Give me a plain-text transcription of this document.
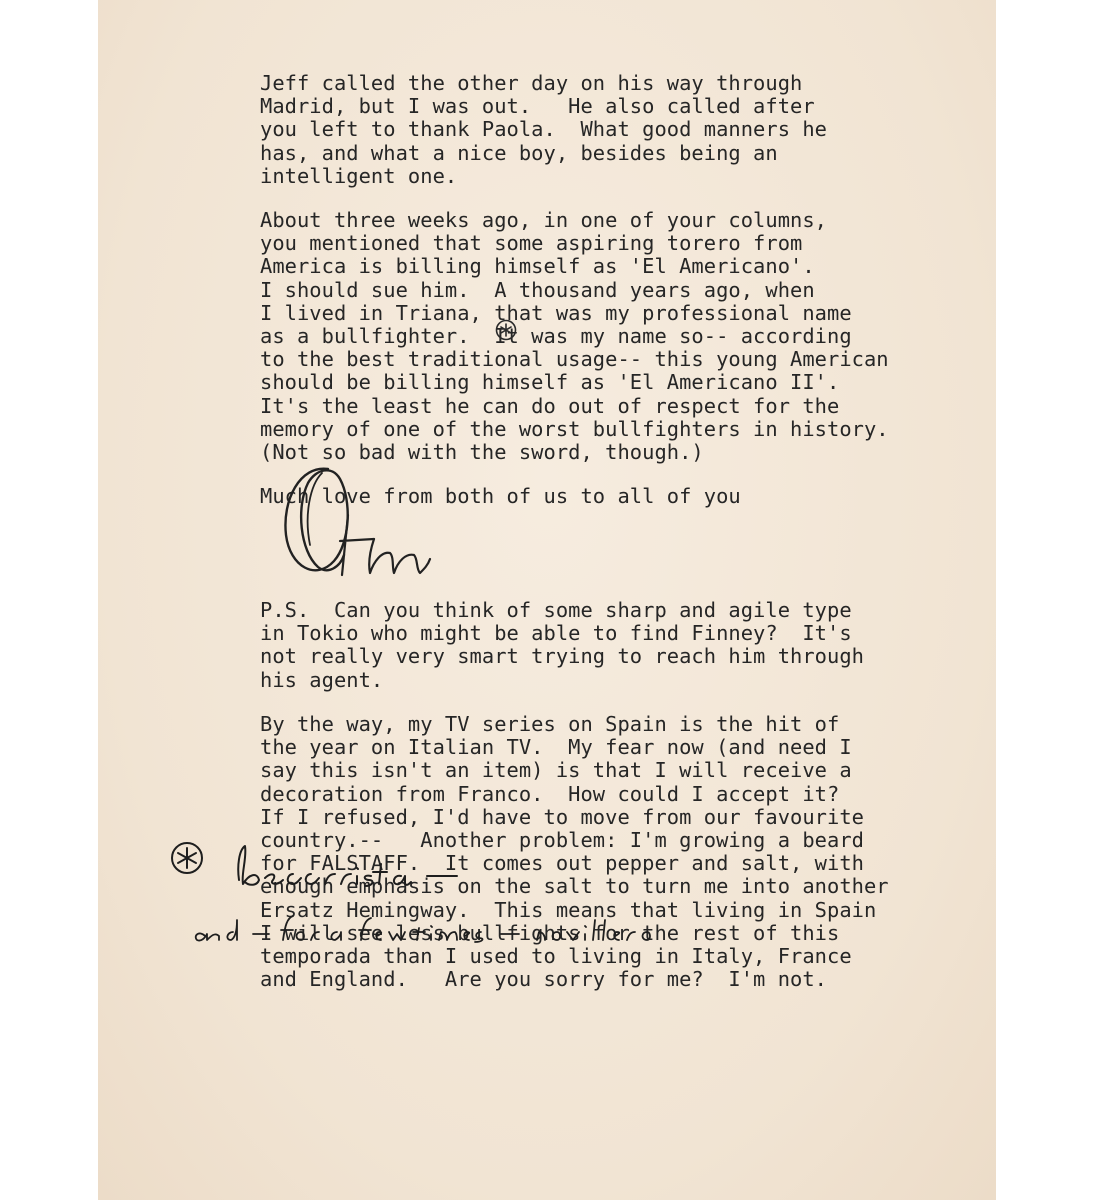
Jeff called the other day on his way through
Madrid, but I was out.   He also called after
you left to thank Paola.  What good manners he
has, and what a nice boy, besides being an
intelligent one.
About three weeks ago, in one of your columns,
you mentioned that some aspiring torero from
America is billing himself as 'El Americano'.
I should sue him.  A thousand years ago, when
I lived in Triana, that was my professional name
as a bullfighter.  It was my name so-- according
to the best traditional usage-- this young American
should be billing himself as 'El Americano II'.
It's the least he can do out of respect for the
memory of one of the worst bullfighters in history.
(Not so bad with the sword, though.)
Much love from both of us to all of you
P.S.  Can you think of some sharp and agile type
in Tokio who might be able to find Finney?  It's
not really very smart trying to reach him through
his agent.
By the way, my TV series on Spain is the hit of
the year on Italian TV.  My fear now (and need I
say this isn't an item) is that I will receive a
decoration from Franco.  How could I accept it?
If I refused, I'd have to move from our favourite
country.--   Another problem: I'm growing a beard
for FALSTAFF.  It comes out pepper and salt, with
enough emphasis on the salt to turn me into another
Ersatz Hemingway.  This means that living in Spain
I will see less bullfights for the rest of this
temporada than I used to living in Italy, France
and England.   Are you sorry for me?  I'm not.
